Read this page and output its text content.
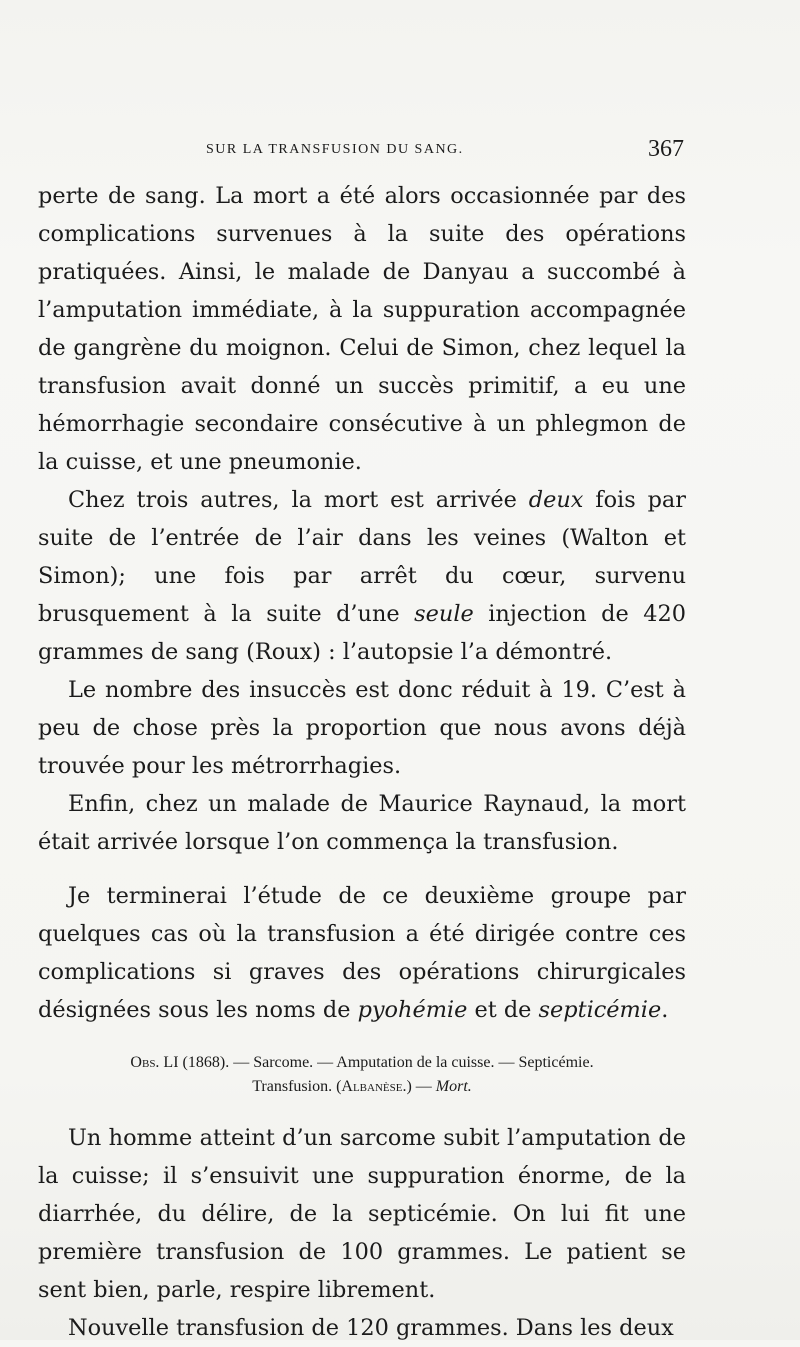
SUR LA TRANSFUSION DU SANG.	367

perte de sang. La mort a été alors occasionnée par des complications survenues à la suite des opérations pratiquées. Ainsi, le malade de Danyau a succombé à l’amputation immédiate, à la suppuration accompagnée de gangrène du moignon. Celui de Simon, chez lequel la transfusion avait donné un succès primitif, a eu une hémorrhagie secondaire consécutive à un phlegmon de la cuisse, et une pneumonie.

Chez trois autres, la mort est arrivée deux fois par suite de l’entrée de l’air dans les veines (Walton et Simon); une fois par arrêt du cœur, survenu brusquement à la suite d’une seule injection de 420 grammes de sang (Roux) : l’autopsie l’a démontré.

Le nombre des insuccès est donc réduit à 19. C’est à peu de chose près la proportion que nous avons déjà trouvée pour les métrorrhagies.

Enfin, chez un malade de Maurice Raynaud, la mort était arrivée lorsque l’on commença la transfusion.

Je terminerai l’étude de ce deuxième groupe par quelques cas où la transfusion a été dirigée contre ces complications si graves des opérations chirurgicales désignées sous les noms de pyohémie et de septicémie.

Obs. LI (1868). — Sarcome. — Amputation de la cuisse. — Septicémie.
Transfusion. (Albanèse.) — Mort.

Un homme atteint d’un sarcome subit l’amputation de la cuisse; il s’ensuivit une suppuration énorme, de la diarrhée, du délire, de la septicémie. On lui fit une première transfusion de 100 grammes. Le patient se sent bien, parle, respire librement.

Nouvelle transfusion de 120 grammes. Dans les deux
